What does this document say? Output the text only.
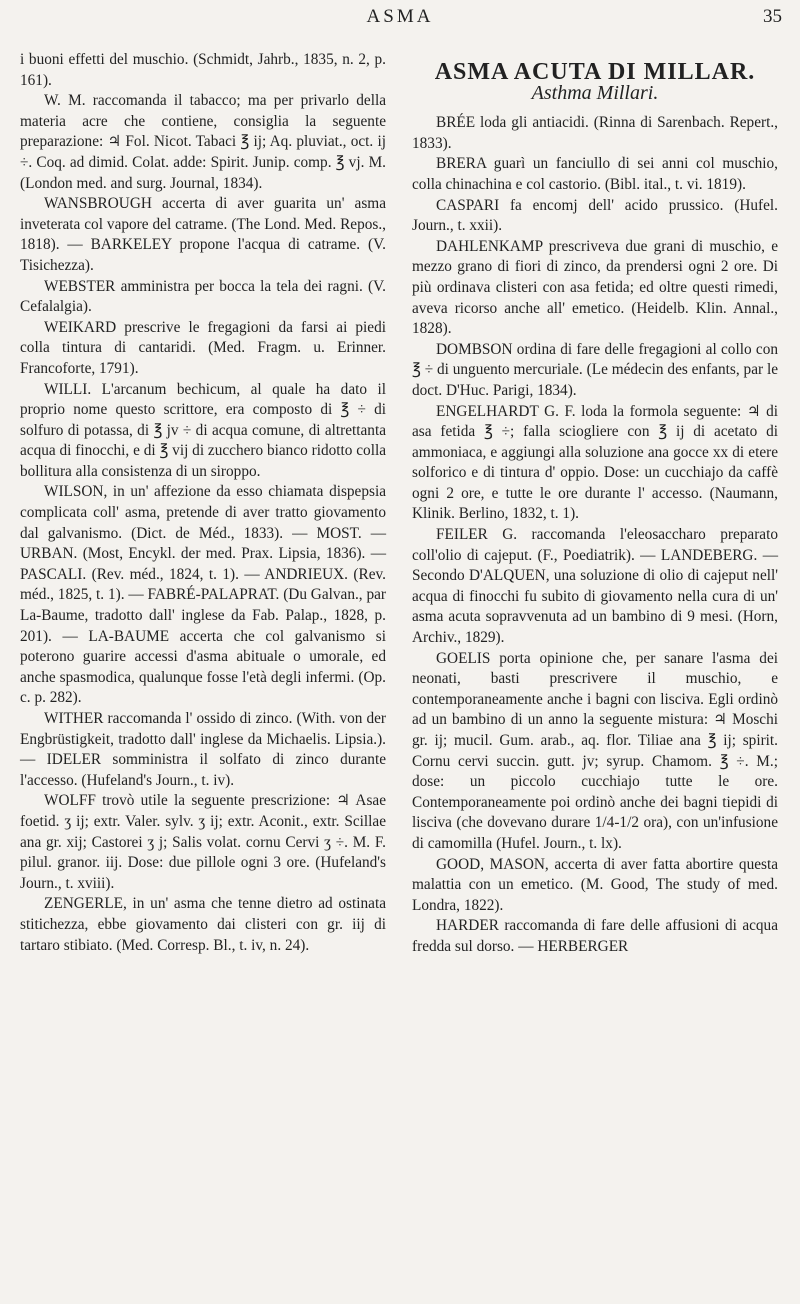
ASMA	35

i buoni effetti del muschio. (Schmidt, Jahrb., 1835, n. 2, p. 161).

W. M. raccomanda il tabacco; ma per privarlo della materia acre che contiene, consiglia la seguente preparazione: ♃ Fol. Nicot. Tabaci ℥ ij; Aq. pluviat., oct. ij ÷. Coq. ad dimid. Colat. adde: Spirit. Junip. comp. ℥ vj. M. (London med. and surg. Journal, 1834).

WANSBROUGH accerta di aver guarita un' asma inveterata col vapore del catrame. (The Lond. Med. Repos., 1818). — BARKELEY propone l'acqua di catrame. (V. Tisichezza).

WEBSTER amministra per bocca la tela dei ragni. (V. Cefalalgia).

WEIKARD prescrive le fregagioni da farsi ai piedi colla tintura di cantaridi. (Med. Fragm. u. Erinner. Francoforte, 1791).

WILLI. L'arcanum bechicum, al quale ha dato il proprio nome questo scrittore, era composto di ℥ ÷ di solfuro di potassa, di ℥ jv ÷ di acqua comune, di altrettanta acqua di finocchi, e di ℥ vij di zucchero bianco ridotto colla bollitura alla consistenza di un siroppo.

WILSON, in un' affezione da esso chiamata dispepsia complicata coll' asma, pretende di aver tratto giovamento dal galvanismo. (Dict. de Méd., 1833). — MOST. — URBAN. (Most, Encykl. der med. Prax. Lipsia, 1836). — PASCALI. (Rev. méd., 1824, t. 1). — ANDRIEUX. (Rev. méd., 1825, t. 1). — FABRÉ-PALAPRAT. (Du Galvan., par La-Baume, tradotto dall' inglese da Fab. Palap., 1828, p. 201). — LA-BAUME accerta che col galvanismo si poterono guarire accessi d'asma abituale o umorale, ed anche spasmodica, qualunque fosse l'età degli infermi. (Op. c. p. 282).

WITHER raccomanda l' ossido di zinco. (With. von der Engbrüstigkeit, tradotto dall' inglese da Michaelis. Lipsia.). — IDELER somministra il solfato di zinco durante l'accesso. (Hufeland's Journ., t. iv).

WOLFF trovò utile la seguente prescrizione: ♃ Asae foetid. ʒ ij; extr. Valer. sylv. ʒ ij; extr. Aconit., extr. Scillae ana gr. xij; Castorei ʒ j; Salis volat. cornu Cervi ʒ ÷. M. F. pilul. granor. iij. Dose: due pillole ogni 3 ore. (Hufeland's Journ., t. xviii).

ZENGERLE, in un' asma che tenne dietro ad ostinata stitichezza, ebbe giovamento dai clisteri con gr. iij di tartaro stibiato. (Med. Corresp. Bl., t. iv, n. 24).

ASMA ACUTA DI MILLAR.
Asthma Millari.

BRÉE loda gli antiacidi. (Rinna di Sarenbach. Repert., 1833).

BRERA guarì un fanciullo di sei anni col muschio, colla chinachina e col castorio. (Bibl. ital., t. vi. 1819).

CASPARI fa encomj dell' acido prussico. (Hufel. Journ., t. xxii).

DAHLENKAMP prescriveva due grani di muschio, e mezzo grano di fiori di zinco, da prendersi ogni 2 ore. Di più ordinava clisteri con asa fetida; ed oltre questi rimedi, aveva ricorso anche all' emetico. (Heidelb. Klin. Annal., 1828).

DOMBSON ordina di fare delle fregagioni al collo con ℥ ÷ di unguento mercuriale. (Le médecin des enfants, par le doct. D'Huc. Parigi, 1834).

ENGELHARDT G. F. loda la formola seguente: ♃ di asa fetida ℥ ÷; falla sciogliere con ℥ ij di acetato di ammoniaca, e aggiungi alla soluzione ana gocce xx di etere solforico e di tintura d' oppio. Dose: un cucchiajo da caffè ogni 2 ore, e tutte le ore durante l' accesso. (Naumann, Klinik. Berlino, 1832, t. 1).

FEILER G. raccomanda l'eleosaccharo preparato coll'olio di cajeput. (F., Poediatrik). — LANDEBERG. — Secondo D'ALQUEN, una soluzione di olio di cajeput nell' acqua di finocchi fu subito di giovamento nella cura di un' asma acuta sopravvenuta ad un bambino di 9 mesi. (Horn, Archiv., 1829).

GOELIS porta opinione che, per sanare l'asma dei neonati, basti prescrivere il muschio, e contemporaneamente anche i bagni con lisciva. Egli ordinò ad un bambino di un anno la seguente mistura: ♃ Moschi gr. ij; mucil. Gum. arab., aq. flor. Tiliae ana ℥ ij; spirit. Cornu cervi succin. gutt. jv; syrup. Chamom. ℥ ÷. M.; dose: un piccolo cucchiajo tutte le ore. Contemporaneamente poi ordinò anche dei bagni tiepidi di lisciva (che dovevano durare 1/4-1/2 ora), con un'infusione di camomilla (Hufel. Journ., t. lx).

GOOD, MASON, accerta di aver fatta abortire questa malattia con un emetico. (M. Good, The study of med. Londra, 1822).

HARDER raccomanda di fare delle affusioni di acqua fredda sul dorso. — HERBERGER
